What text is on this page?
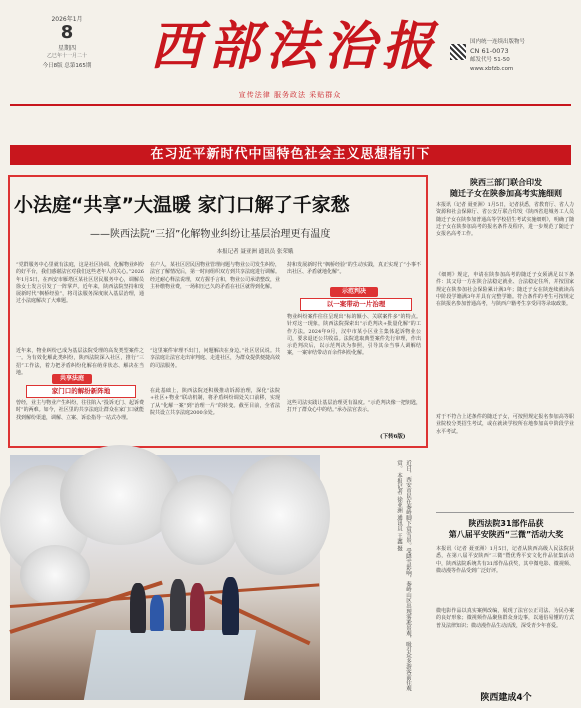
2026年1月
8
星期四
乙巳年十一月二十
今日8版 总第165期	西部法治报	国内统一连续出版物号
CN 61-0073
邮发代号 51-50
www.xbfzb.com
宣传法律 服务政法 采贴群众
在习近平新时代中国特色社会主义思想指引下
小法庭“共享”大温暖 家门口解了千家愁
——陕西法院“三招”化解物业纠纷让基层治理更有温度
本报记者 聂亚洲 通讯员 张荣娥
“党群服务中心里就有法庭，这是社区协调、化解物业纠纷的好平台，我们感谢法官对我们这些老年人的关心。”2026年1月5日，在西安市雁塔区某社区居民服务中心，调解员徐女士发言引发了一阵掌声。近年来，陕西法院坚持和发展新时代“枫桥经验”，将司法服务深度嵌入基层治理，通过小法庭解决了大难题。
近年来，物业纠纷已成为基层法院受理的高发类型案件之一。为有效化解此类纠纷，陕西法院深入社区，推行“三招”工作法，着力把矛盾纠纷化解在萌芽状态、解决在当地。
共享法庭
家门口的解纷新阵地
曾经，业主与物业产生纠纷，往往陷入“投诉无门、起诉费时”的两难。如今，社区里的共享法庭让群众在家门口就能找到解纷渠道，调解、立案、诉讼指导一站式办理。
在户人，某社区居民因物业管理问题与物业公司发生纠纷，法官了解情况后，第一时间组织双方到共享法庭进行调解。经过耐心释法说理，双方握手言和，物业公司承诺整改，业主补缴物业费，一场积压已久的矛盾在社区就得到化解。
“这里案件审理不出门，问题解决在身边。”社区居民说。共享法庭让法官走出审判庭、走进社区，为群众提供便捷高效的司法服务。
在此基础上，陕西法院还积极推动诉源治理，深化“法院+社区+物业”联动机制，将矛盾纠纷调处关口前移，实现了从“化解一案”到“治理一片”的转变。截至目前，全省法院共设立共享法庭2000余处。
持和发展新时代“枫桥经验”的生动实践，真正实现了“小事不出社区、矛盾就地化解”。
示范判决
以一案带动一片治理
物业纠纷案件往往呈现出“标的额小、关联案件多”的特点。针对这一现象，陕西法院探索出“示范判决+批量化解”的工作方法。2024年9月，汉中市某小区业主集体起诉物业公司，要求退还公共收益。法院选取典型案件先行审理，作出示范判决后，以示范判决为参照，引导其余当事人调解结案，一案审结带动百余件纠纷化解。
这些司法实践让基层治理更有温度。“示范判决像一把钥匙，打开了群众心中的结。”承办法官表示。
(下转6版)
近日，西安市民在秦岭脚下赏雪景。受降雪影响，秦岭山区出现雾凇景观，吸引众多游客前往观赏。 本报记者 徐亚洲 通讯员 王鑫 摄
陕西三部门联合印发
随迁子女在陕参加高考实施细则
本报讯（记者 聂亚洲）1月5日，记者获悉，省教育厅、省人力资源和社会保障厅、省公安厅联合印发《陕西省进城务工人员随迁子女在陕参加普通高等学校招生考试实施细则》，明确了随迁子女在陕参加高考的报名条件及程序，进一步规范了随迁子女报名高考工作。
《细则》规定，申请在陕参加高考的随迁子女须满足以下条件：其父母一方在陕合法稳定就业、合法稳定住所，并按国家规定在陕参加社会保险累计满3年；随迁子女在陕连续就读高中阶段学籍满3年并具有完整学籍。符合条件的考生可按规定在陕报名参加普通高考，与陕西户籍考生享受同等录取政策。
对于不符合上述条件的随迁子女，可按照规定报名参加高等职业院校分类招生考试，或在就读学校所在地参加高中阶段学业水平考试。
陕西法院31部作品获
第八届平安陕西“三微”活动大奖
本报讯（记者 聂亚洲）1月5日，记者从陕西高级人民法院获悉，在第八届平安陕西“三微”暨优秀平安文化作品征集活动中，陕西法院系统共有31部作品获奖，其中微电影、微视频、微动漫等作品受到广泛好评。
微电影作品以真实案例改编，展现了法官公正司法、为民办案的良好形象；微视频作品聚焦群众身边事，以通俗易懂的方式普及法律知识；微动漫作品生动活泼，深受青少年喜爱。
陕西建成4个
